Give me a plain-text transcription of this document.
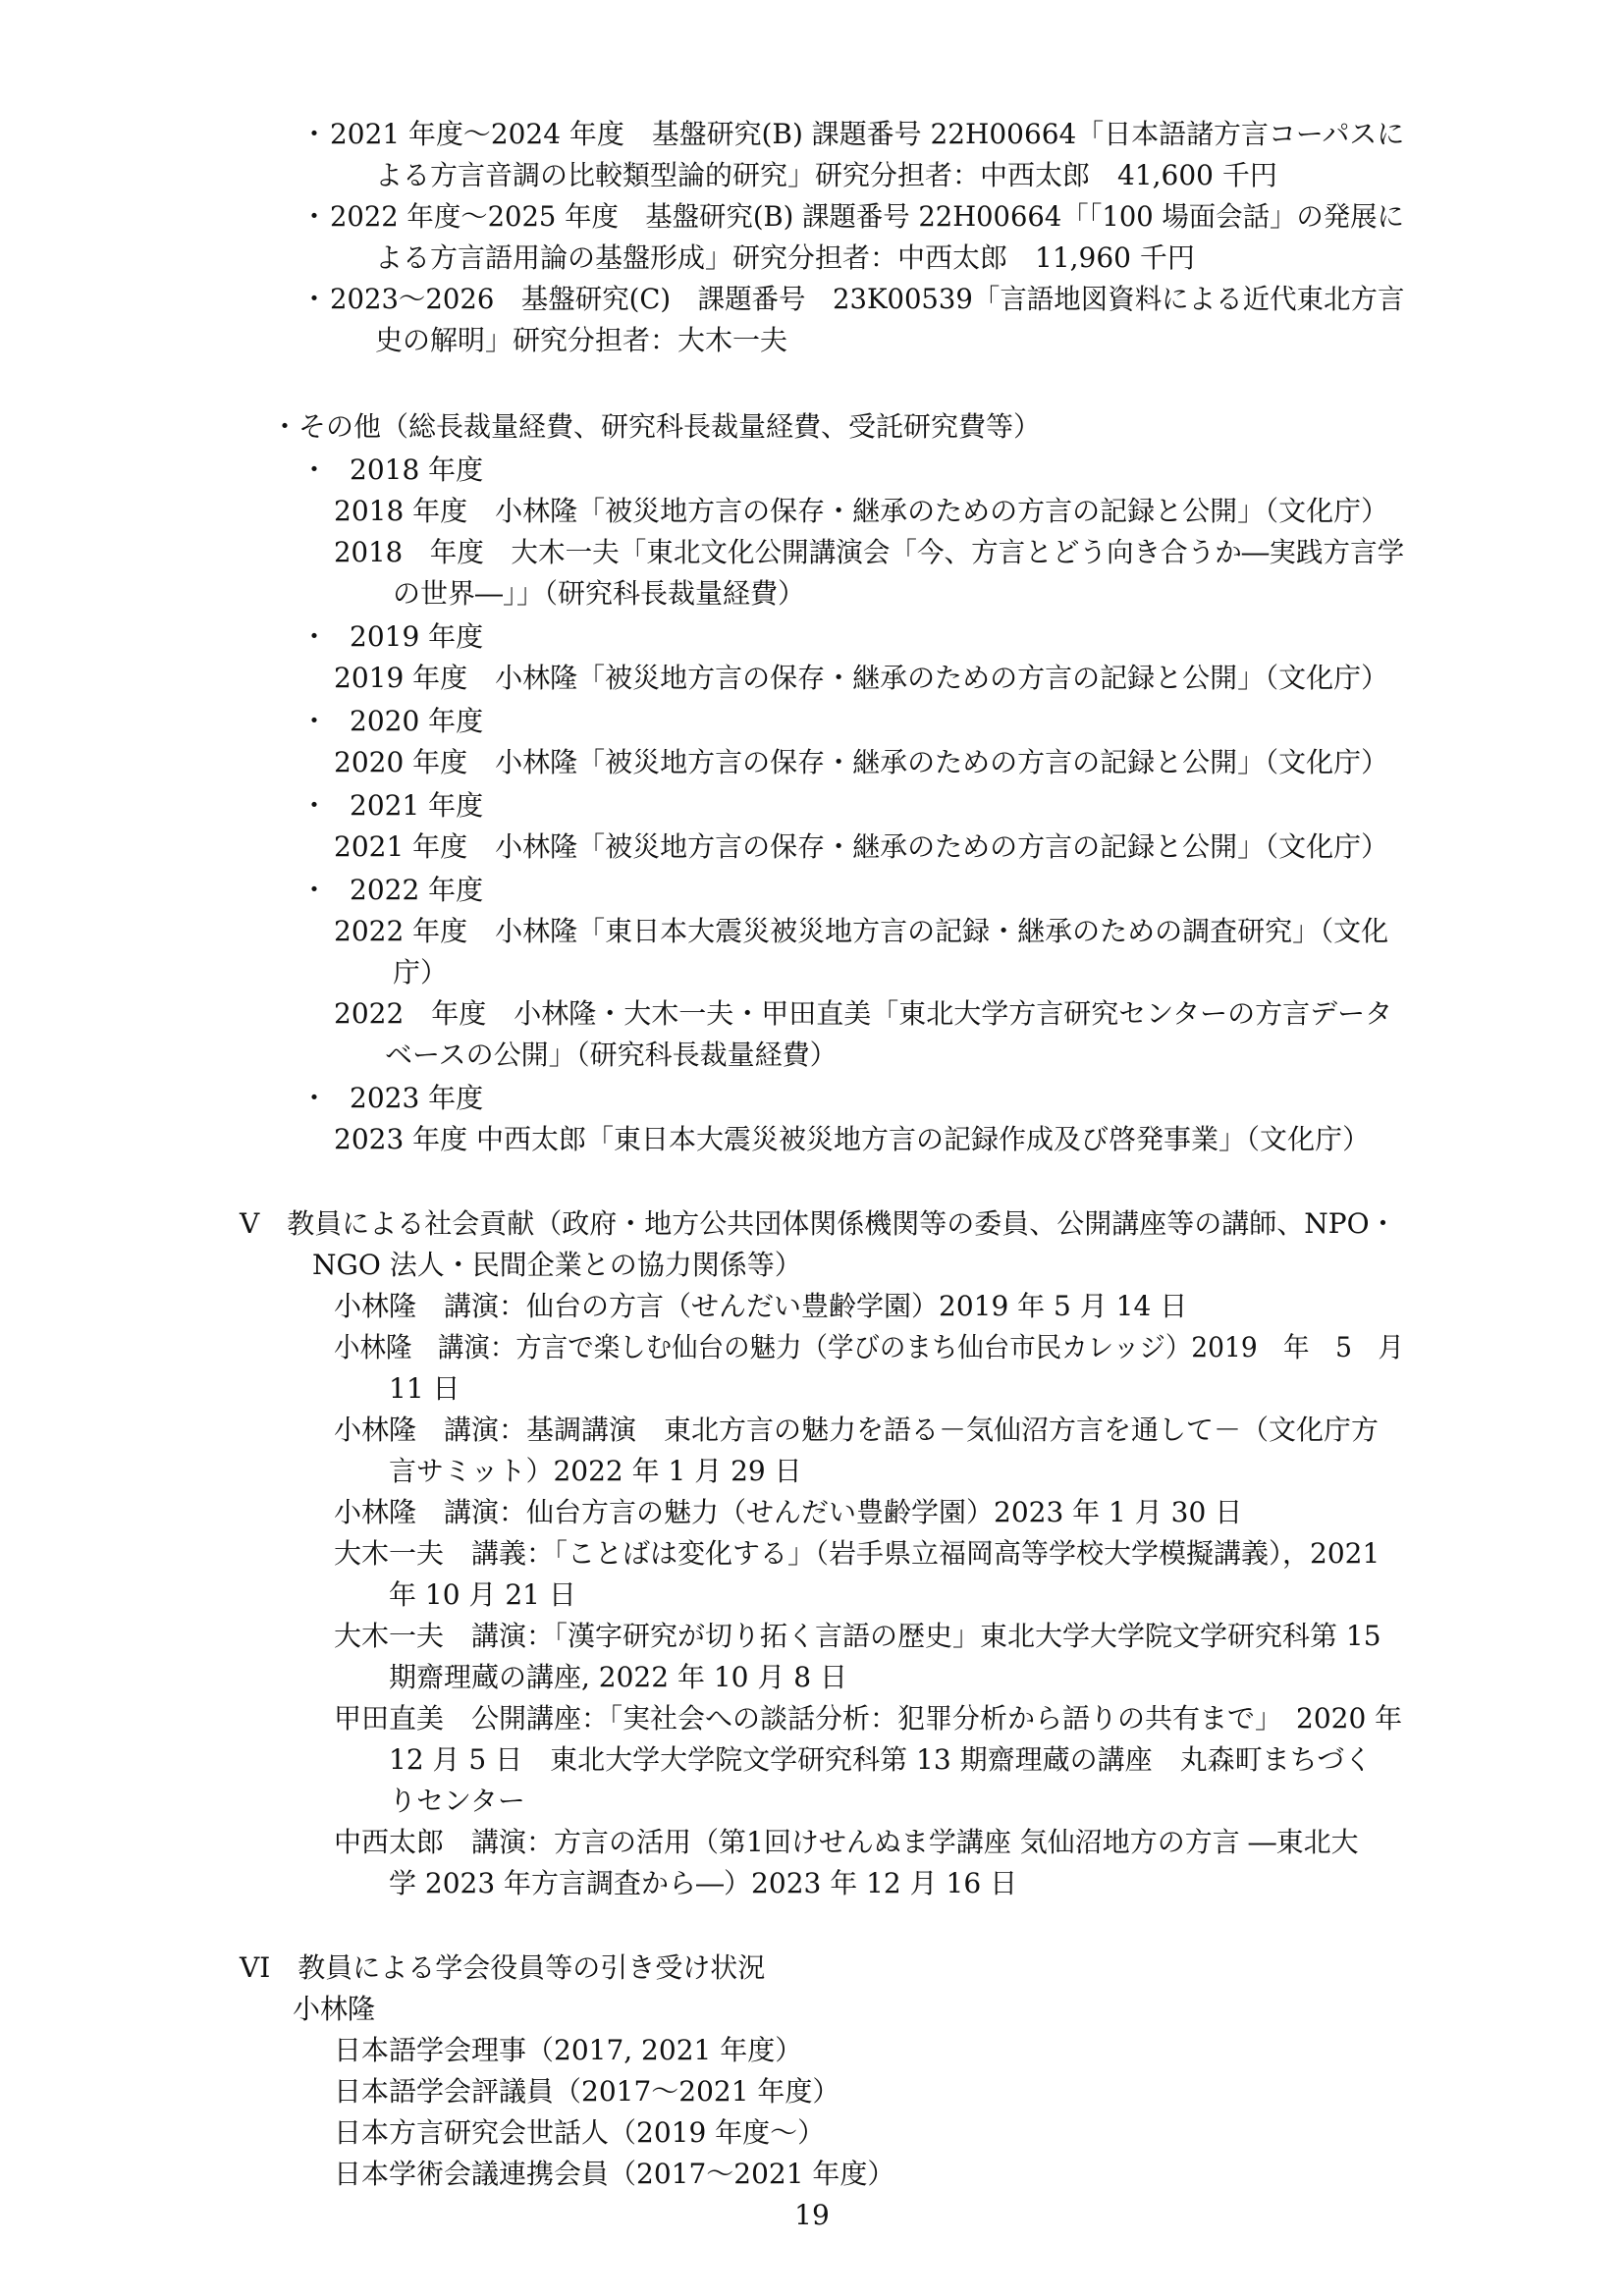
・ 2021 年度〜2024 年度　基盤研究(B) 課題番号 22H00664「日本語諸方言コーパスに
よる方言音調の比較類型論的研究」研究分担者：中西太郎　41,600 千円
・ 2022 年度〜2025 年度　基盤研究(B) 課題番号 22H00664「「100 場面会話」の発展に
よる方言語用論の基盤形成」研究分担者：中西太郎　11,960 千円
・ 2023〜2026　基盤研究(C)　課題番号　23K00539「言語地図資料による近代東北方言
史の解明」研究分担者：大木一夫
・その他（総長裁量経費、研究科長裁量経費、受託研究費等）
・ 2018 年度
2018 年度　小林隆「被災地方言の保存・継承のための方言の記録と公開」（文化庁）
2018　年度　大木一夫「東北文化公開講演会「今、方言とどう向き合うか―実践方言学
の世界―」」（研究科長裁量経費）
・ 2019 年度
2019 年度　小林隆「被災地方言の保存・継承のための方言の記録と公開」（文化庁）
・ 2020 年度
2020 年度　小林隆「被災地方言の保存・継承のための方言の記録と公開」（文化庁）
・ 2021 年度
2021 年度　小林隆「被災地方言の保存・継承のための方言の記録と公開」（文化庁）
・ 2022 年度
2022 年度　小林隆「東日本大震災被災地方言の記録・継承のための調査研究」（文化
庁）
2022　年度　小林隆・大木一夫・甲田直美「東北大学方言研究センターの方言データ
ベースの公開」（研究科長裁量経費）
・ 2023 年度
2023 年度 中西太郎「東日本大震災被災地方言の記録作成及び啓発事業」（文化庁）
V　教員による社会貢献（政府・地方公共団体関係機関等の委員、公開講座等の講師、NPO・
NGO 法人・民間企業との協力関係等）
小林隆　講演：仙台の方言（せんだい豊齢学園）2019 年 5 月 14 日
小林隆　講演：方言で楽しむ仙台の魅力（学びのまち仙台市民カレッジ）2019　年　5　月
11 日
小林隆　講演：基調講演　東北方言の魅力を語る－気仙沼方言を通して－（文化庁方
言サミット）2022 年 1 月 29 日
小林隆　講演：仙台方言の魅力（せんだい豊齢学園）2023 年 1 月 30 日
大木一夫　講義：「ことばは変化する」（岩手県立福岡高等学校大学模擬講義），2021
年 10 月 21 日
大木一夫　講演：「漢字研究が切り拓く言語の歴史」東北大学大学院文学研究科第 15
期齋理蔵の講座, 2022 年 10 月 8 日
甲田直美　公開講座：「実社会への談話分析：犯罪分析から語りの共有まで」　2020 年
12 月 5 日　東北大学大学院文学研究科第 13 期齋理蔵の講座　丸森町まちづく
りセンター
中西太郎　講演：方言の活用（第1回けせんぬま学講座 気仙沼地方の方言 ―東北大
学 2023 年方言調査から―）2023 年 12 月 16 日
VI　教員による学会役員等の引き受け状況
小林隆
日本語学会理事（2017, 2021 年度）
日本語学会評議員（2017〜2021 年度）
日本方言研究会世話人（2019 年度〜）
日本学術会議連携会員（2017〜2021 年度）
19
